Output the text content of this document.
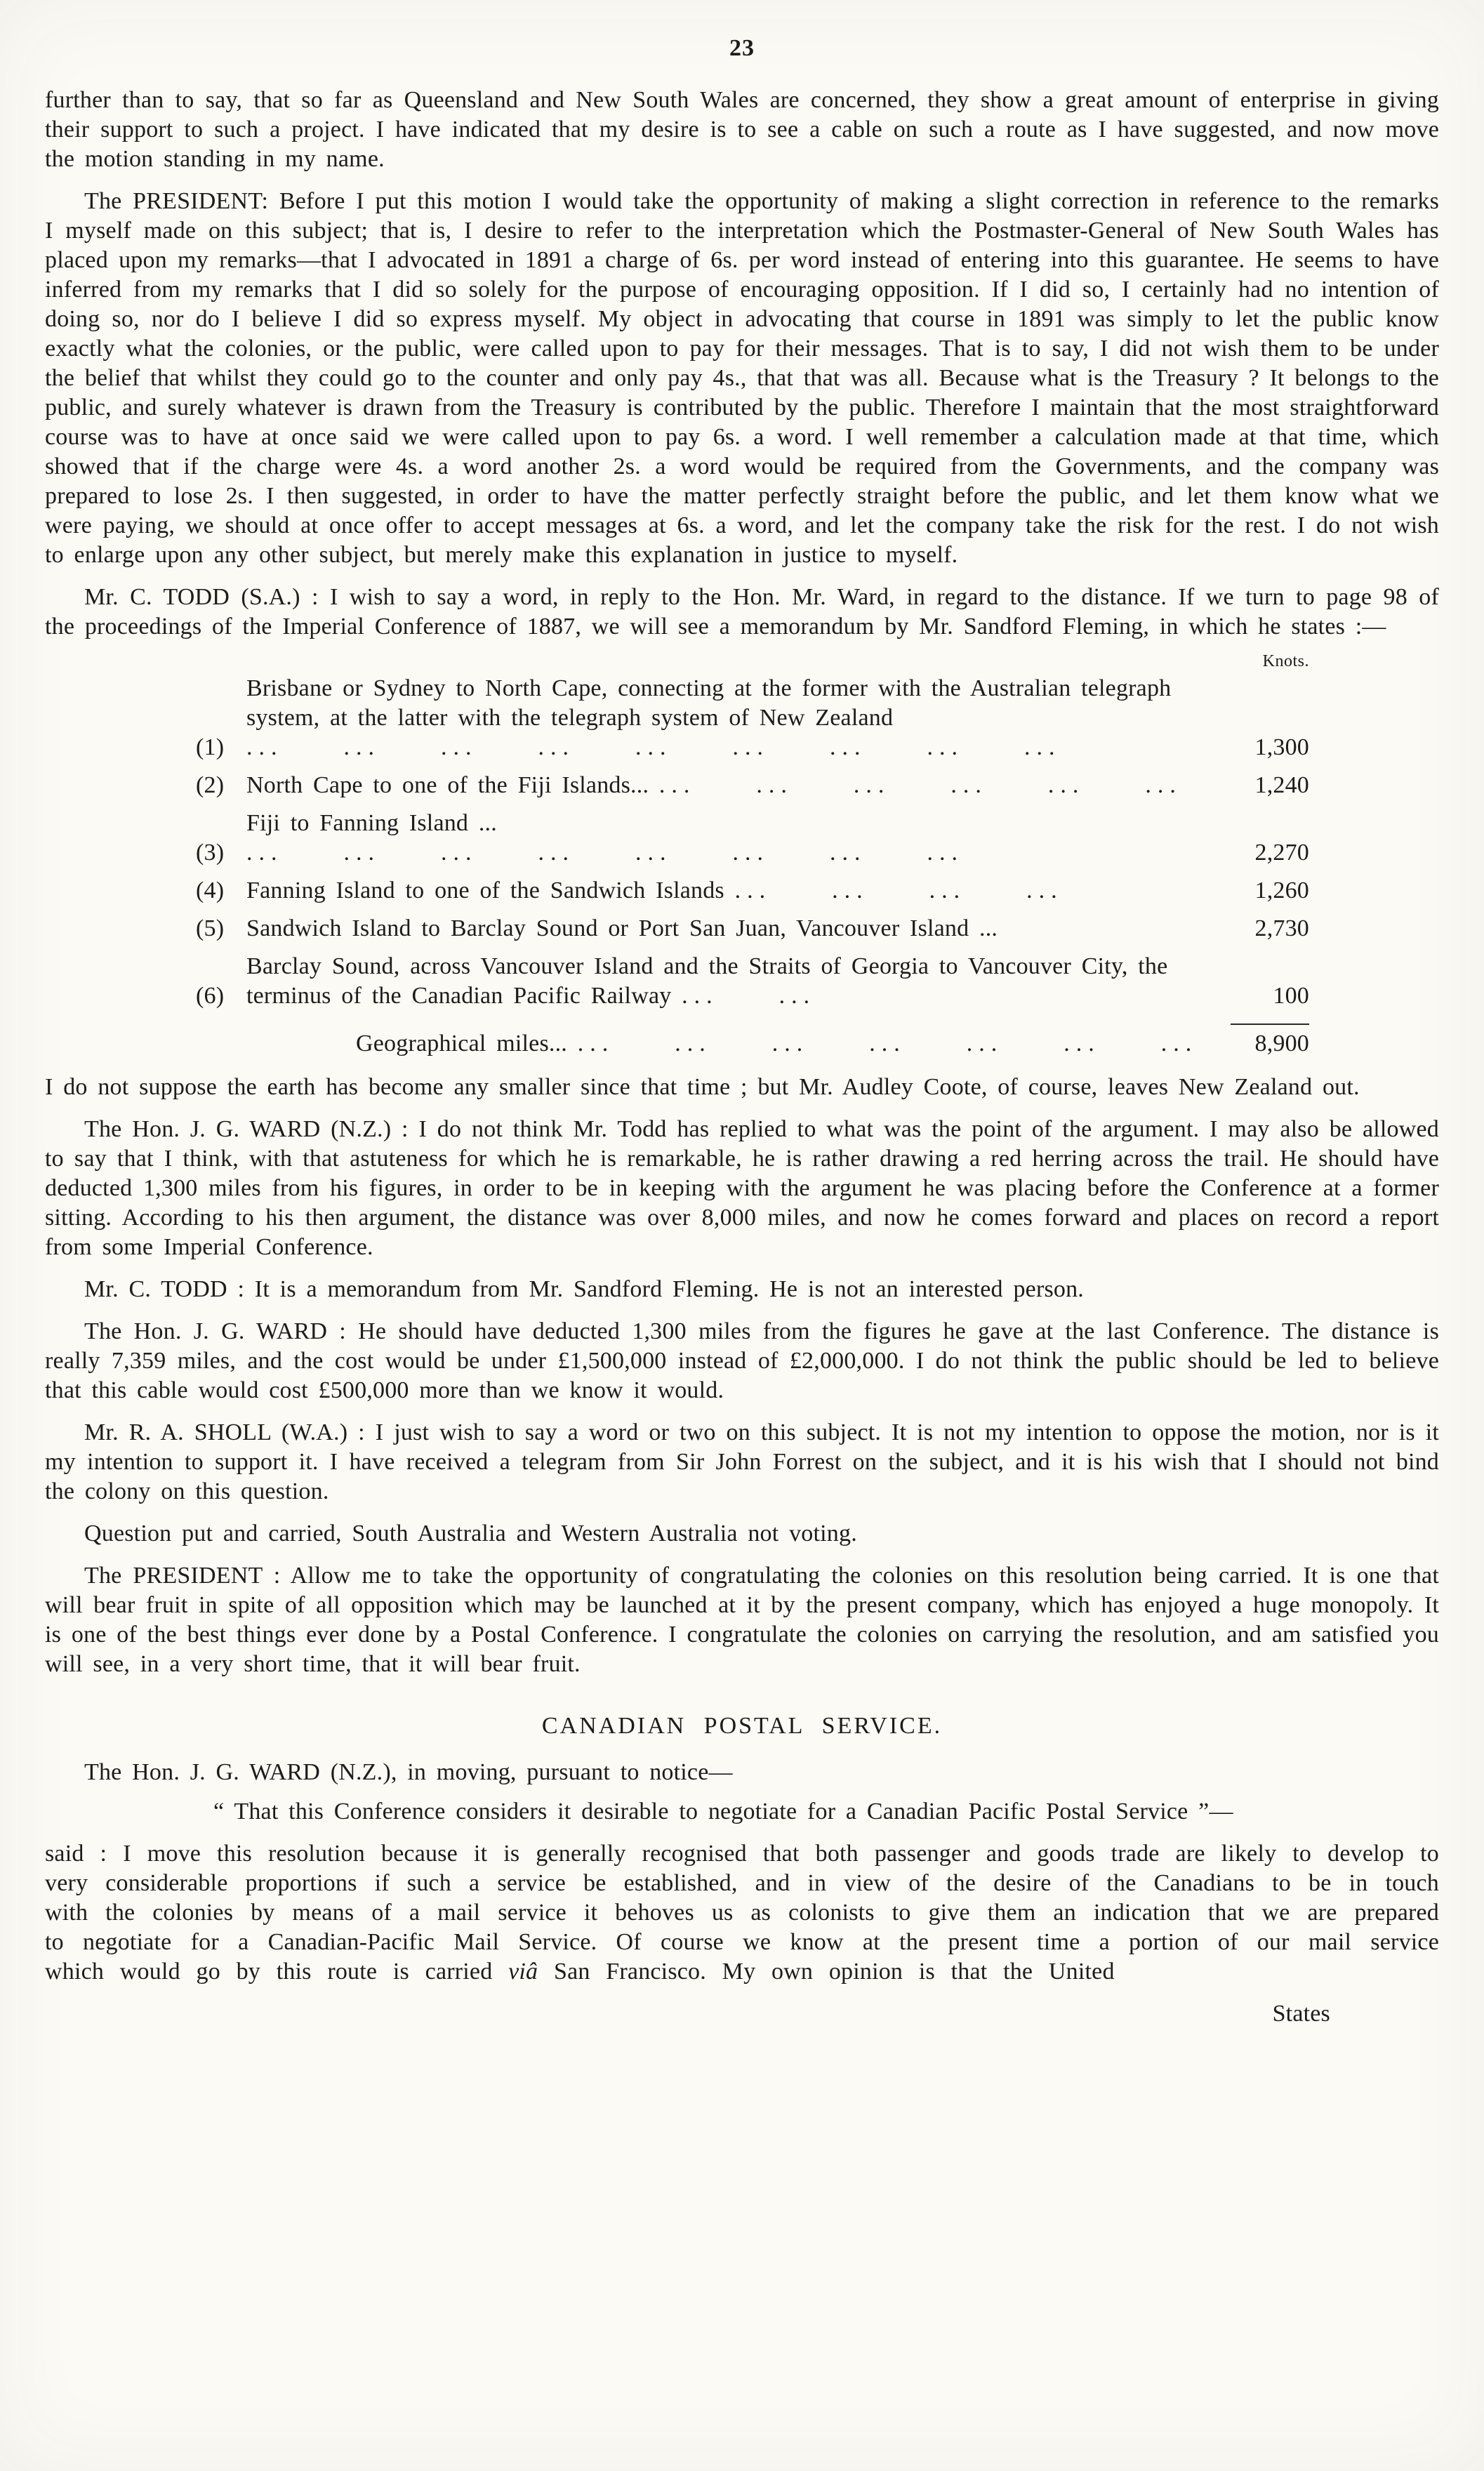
23

further than to say, that so far as Queensland and New South Wales are concerned, they show a great amount of enterprise in giving their support to such a project. I have indicated that my desire is to see a cable on such a route as I have suggested, and now move the motion standing in my name.

The PRESIDENT: Before I put this motion I would take the opportunity of making a slight correction in reference to the remarks I myself made on this subject; that is, I desire to refer to the interpretation which the Postmaster-General of New South Wales has placed upon my remarks—that I advocated in 1891 a charge of 6s. per word instead of entering into this guarantee. He seems to have inferred from my remarks that I did so solely for the purpose of encouraging opposition. If I did so, I certainly had no intention of doing so, nor do I believe I did so express myself. My object in advocating that course in 1891 was simply to let the public know exactly what the colonies, or the public, were called upon to pay for their messages. That is to say, I did not wish them to be under the belief that whilst they could go to the counter and only pay 4s., that that was all. Because what is the Treasury ? It belongs to the public, and surely whatever is drawn from the Treasury is contributed by the public. Therefore I maintain that the most straightforward course was to have at once said we were called upon to pay 6s. a word. I well remember a calculation made at that time, which showed that if the charge were 4s. a word another 2s. a word would be required from the Governments, and the company was prepared to lose 2s. I then suggested, in order to have the matter perfectly straight before the public, and let them know what we were paying, we should at once offer to accept messages at 6s. a word, and let the company take the risk for the rest. I do not wish to enlarge upon any other subject, but merely make this explanation in justice to myself.

Mr. C. TODD (S.A.) : I wish to say a word, in reply to the Hon. Mr. Ward, in regard to the distance. If we turn to page 98 of the proceedings of the Imperial Conference of 1887, we will see a memorandum by Mr. Sandford Fleming, in which he states :—

Knots.
(1)
Brisbane or Sydney to North Cape, connecting at the former with the Australian telegraph system, at the latter with the telegraph system of New Zealand ...  ...  ...  ...  ...  ...  ...  ...  ...	1,300
(2) North Cape to one of the Fiji Islands... ...  ...  ...  ...  ...  ...	1,240
(3)
Fiji to Fanning Island ... ...  ...  ...  ...  ...  ...  ...  ...	2,270
(4) Fanning Island to one of the Sandwich Islands ...  ...  ...  ...	1,260
(5) Sandwich Island to Barclay Sound or Port San Juan, Vancouver Island ...	2,730
(6)
Barclay Sound, across Vancouver Island and the Straits of Georgia to Vancouver City, the terminus of the Canadian Pacific Railway ...  ...	100
Geographical miles... ...  ...  ...  ...  ...  ...  ...	8,900

I do not suppose the earth has become any smaller since that time ; but Mr. Audley Coote, of course, leaves New Zealand out.

The Hon. J. G. WARD (N.Z.) : I do not think Mr. Todd has replied to what was the point of the argument. I may also be allowed to say that I think, with that astuteness for which he is remarkable, he is rather drawing a red herring across the trail. He should have deducted 1,300 miles from his figures, in order to be in keeping with the argument he was placing before the Conference at a former sitting. According to his then argument, the distance was over 8,000 miles, and now he comes forward and places on record a report from some Imperial Conference.

Mr. C. TODD : It is a memorandum from Mr. Sandford Fleming. He is not an interested person.

The Hon. J. G. WARD : He should have deducted 1,300 miles from the figures he gave at the last Conference. The distance is really 7,359 miles, and the cost would be under £1,500,000 instead of £2,000,000. I do not think the public should be led to believe that this cable would cost £500,000 more than we know it would.

Mr. R. A. SHOLL (W.A.) : I just wish to say a word or two on this subject. It is not my intention to oppose the motion, nor is it my intention to support it. I have received a telegram from Sir John Forrest on the subject, and it is his wish that I should not bind the colony on this question.

Question put and carried, South Australia and Western Australia not voting.

The PRESIDENT : Allow me to take the opportunity of congratulating the colonies on this resolution being carried. It is one that will bear fruit in spite of all opposition which may be launched at it by the present company, which has enjoyed a huge monopoly. It is one of the best things ever done by a Postal Conference. I congratulate the colonies on carrying the resolution, and am satisfied you will see, in a very short time, that it will bear fruit.

CANADIAN POSTAL SERVICE.

The Hon. J. G. WARD (N.Z.), in moving, pursuant to notice—

“ That this Conference considers it desirable to negotiate for a Canadian Pacific Postal Service ”—

said : I move this resolution because it is generally recognised that both passenger and goods trade are likely to develop to very considerable proportions if such a service be established, and in view of the desire of the Canadians to be in touch with the colonies by means of a mail service it behoves us as colonists to give them an indication that we are prepared to negotiate for a Canadian-Pacific Mail Service. Of course we know at the present time a portion of our mail service which would go by this route is carried viâ San Francisco. My own opinion is that the United

States
